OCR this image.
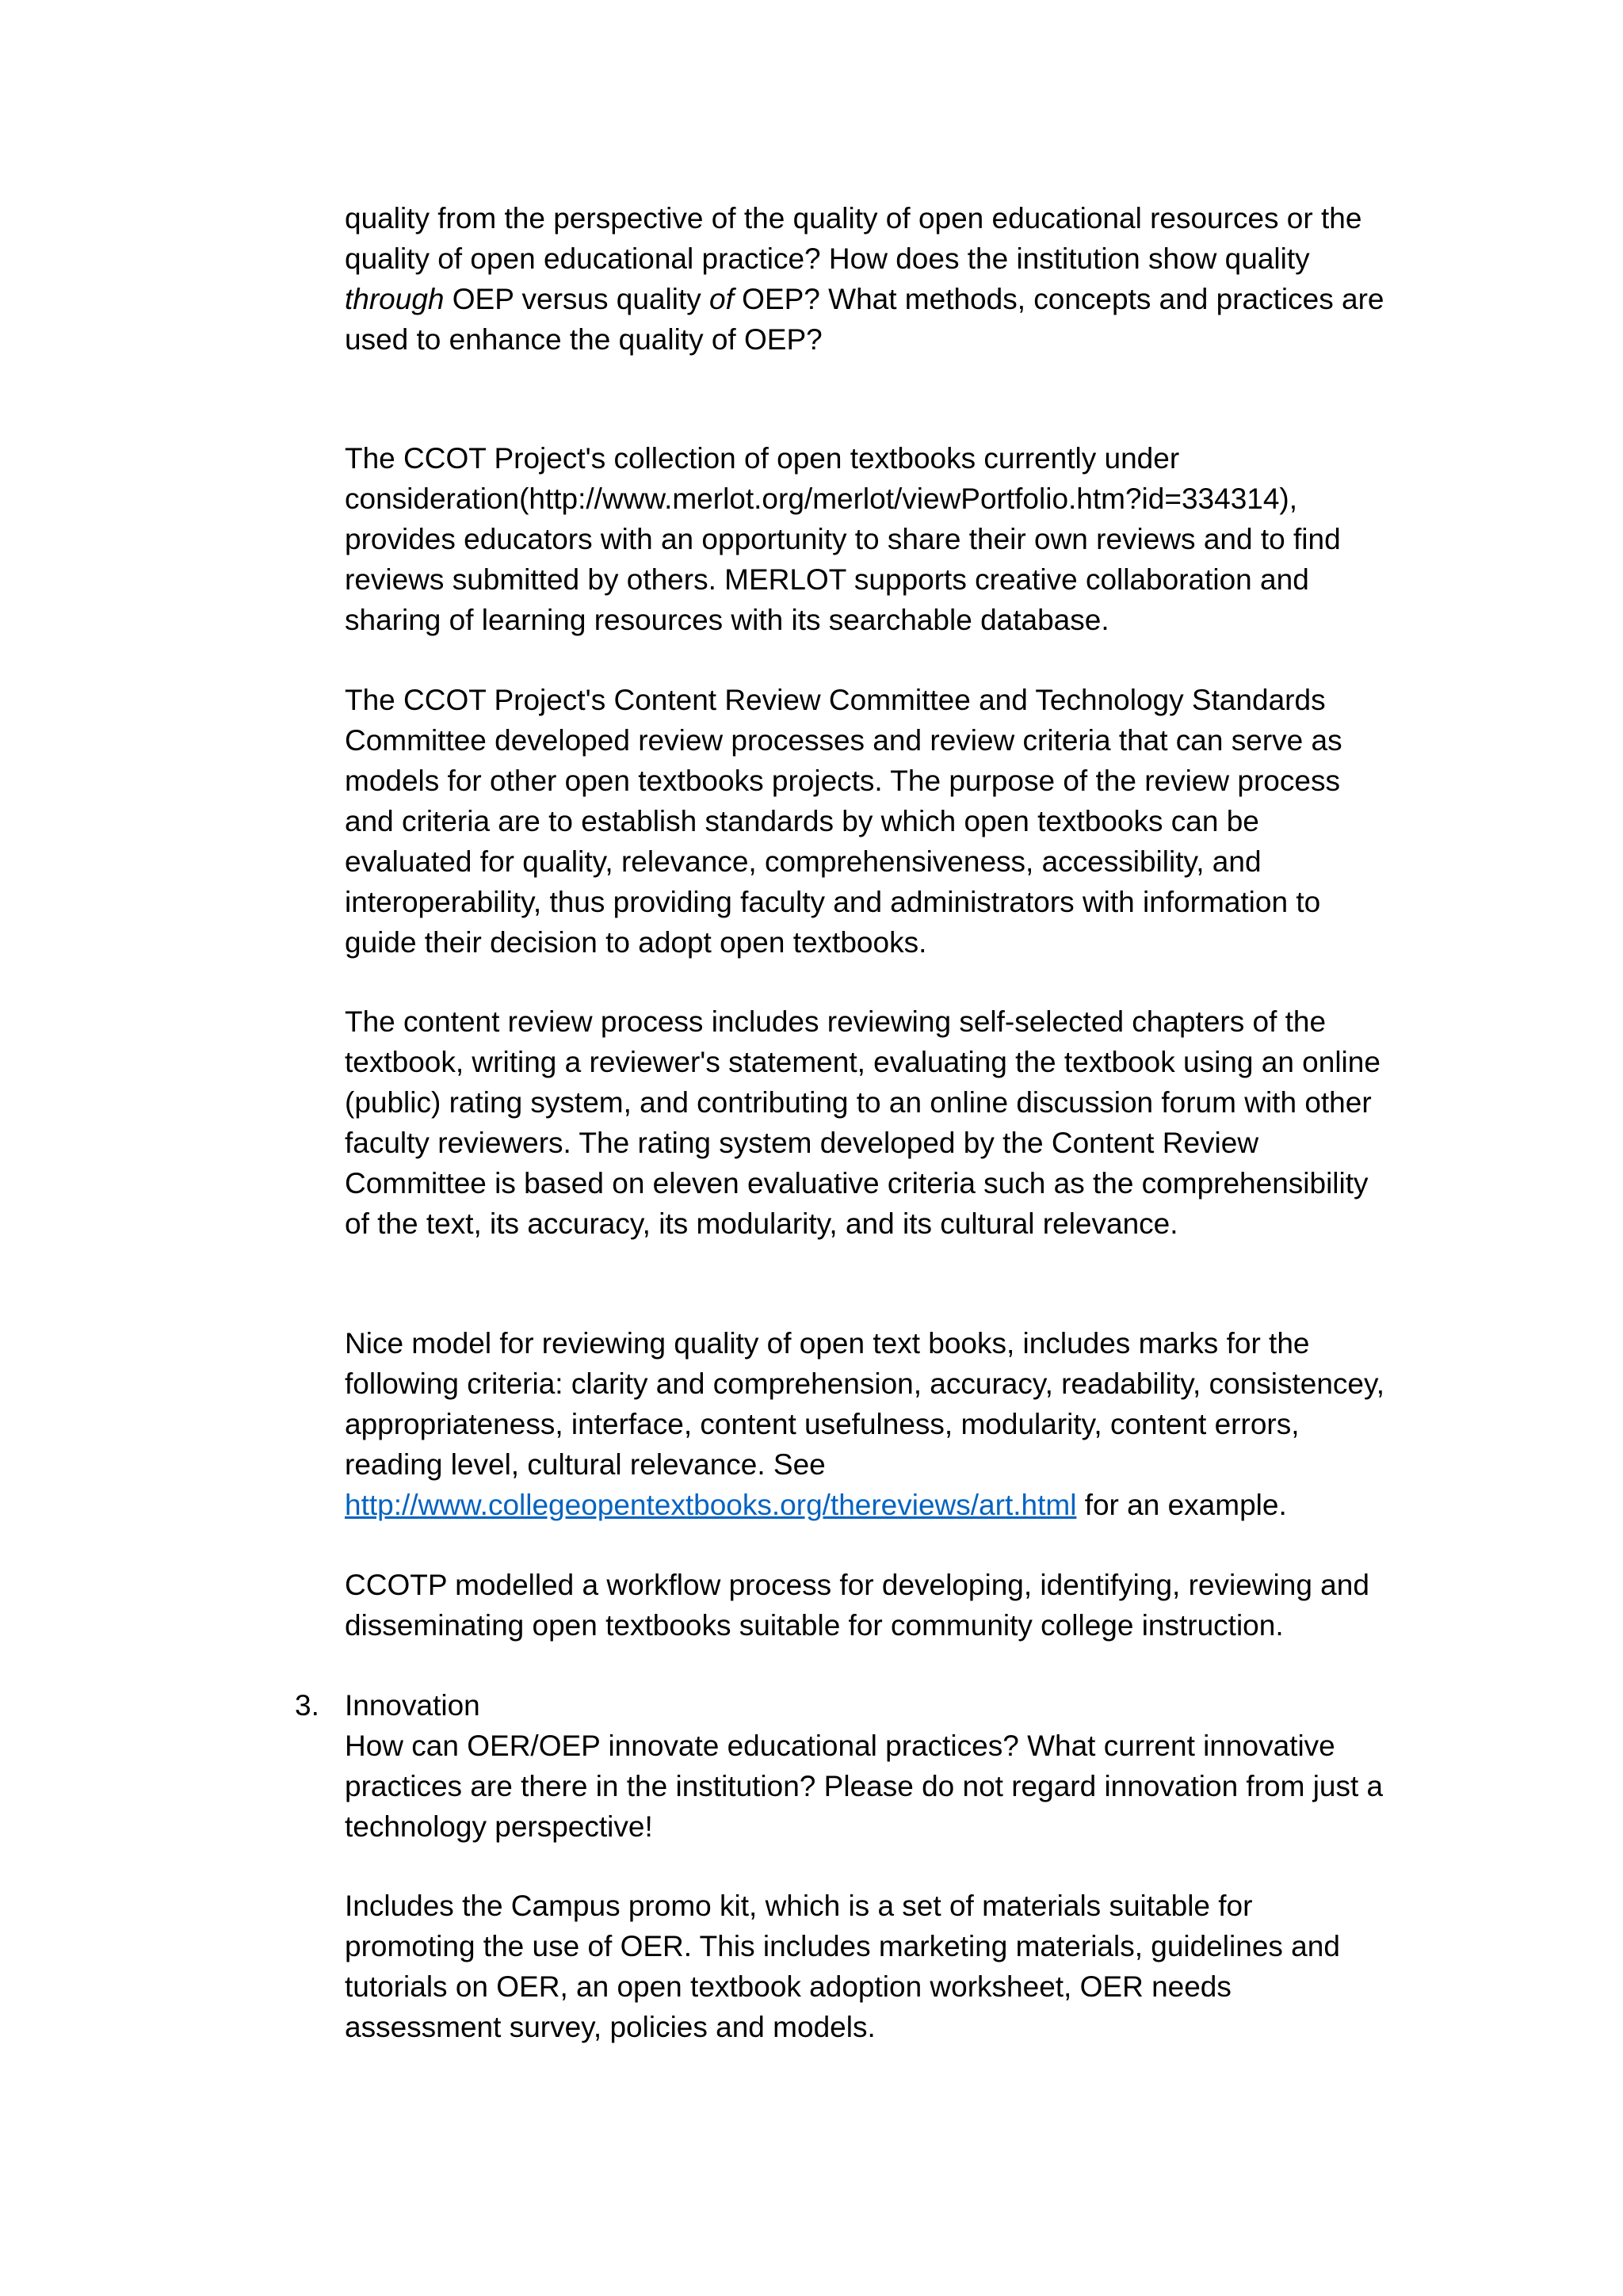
quality from the perspective of the quality of open educational resources or the quality of open educational practice? How does the institution show quality through OEP versus quality of OEP? What methods, concepts and practices are used to enhance the quality of OEP?

The CCOT Project's collection of open textbooks currently under consideration(http://www.merlot.org/merlot/viewPortfolio.htm?id=334314), provides educators with an opportunity to share their own reviews and to find reviews submitted by others. MERLOT supports creative collaboration and sharing of learning resources with its searchable database.

The CCOT Project's Content Review Committee and Technology Standards Committee developed review processes and review criteria that can serve as models for other open textbooks projects. The purpose of the review process and criteria are to establish standards by which open textbooks can be evaluated for quality, relevance, comprehensiveness, accessibility, and interoperability, thus providing faculty and administrators with information to guide their decision to adopt open textbooks.

The content review process includes reviewing self-selected chapters of the textbook, writing a reviewer's statement, evaluating the textbook using an online (public) rating system, and contributing to an online discussion forum with other faculty reviewers. The rating system developed by the Content Review Committee is based on eleven evaluative criteria such as the comprehensibility of the text, its accuracy, its modularity, and its cultural relevance.

Nice model for reviewing quality of open text books, includes marks for the following criteria: clarity and comprehension, accuracy, readability, consistencey, appropriateness, interface, content usefulness, modularity, content errors, reading level, cultural relevance. See http://www.collegeopentextbooks.org/thereviews/art.html for an example.

CCOTP modelled a workflow process for developing, identifying, reviewing and disseminating open textbooks suitable for community college instruction.

3. Innovation

How can OER/OEP innovate educational practices? What current innovative practices are there in the institution? Please do not regard innovation from just a technology perspective!

Includes the Campus promo kit, which is a set of materials suitable for promoting the use of OER. This includes marketing materials, guidelines and tutorials on OER, an open textbook adoption worksheet, OER needs assessment survey, policies and models.
